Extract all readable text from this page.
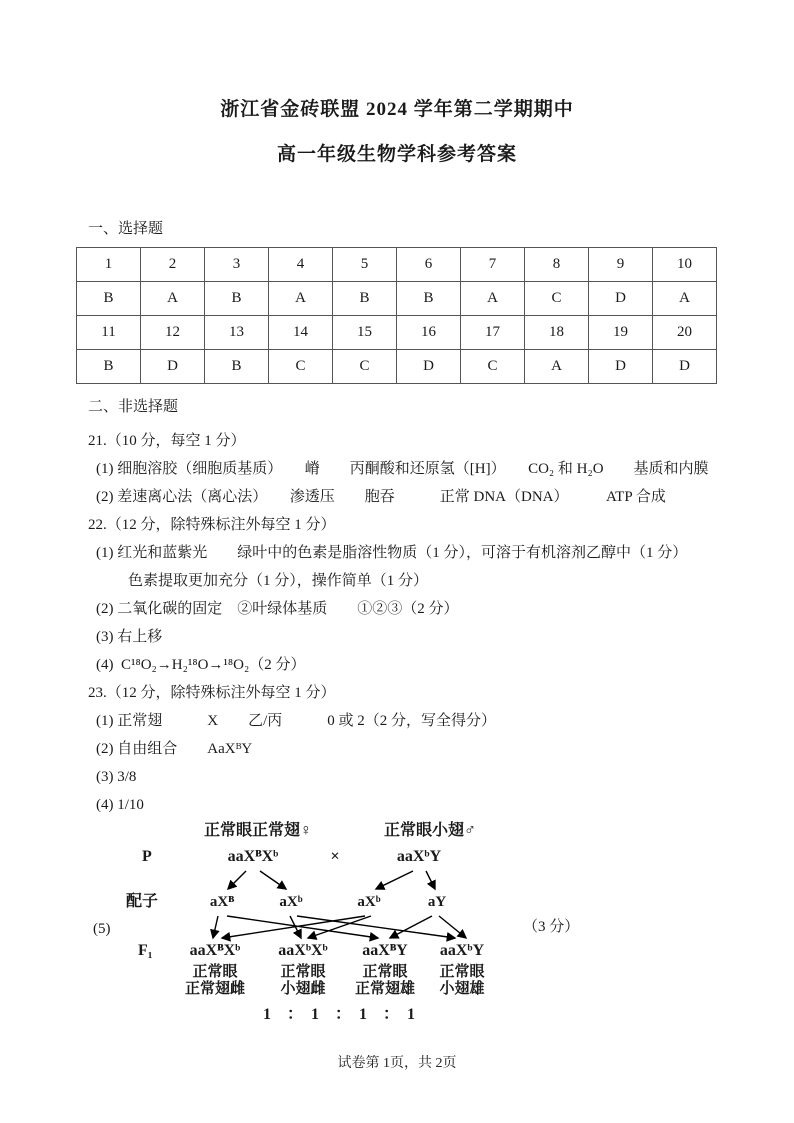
浙江省金砖联盟 2024 学年第二学期期中
高一年级生物学科参考答案
一、选择题
1	2	3	4	5	6	7	8	9	10
B	A	B	A	B	B	A	C	D	A
11	12	13	14	15	16	17	18	19	20
B	D	B	C	C	D	C	A	D	D
二、非选择题
21.（10 分，每空 1 分）
(1) 细胞溶胶（细胞质基质）　　嵴　　丙酮酸和还原氢（[H]）　　CO₂ 和 H₂O　　基质和内膜
(2) 差速离心法（离心法）　　渗透压　　胞吞　　　正常 DNA（DNA）　　　ATP 合成
22.（12 分，除特殊标注外每空 1 分）
(1) 红光和蓝紫光　　绿叶中的色素是脂溶性物质（1 分），可溶于有机溶剂乙醇中（1 分）
色素提取更加充分（1 分），操作简单（1 分）
(2) 二氧化碳的固定　②叶绿体基质　　①②③（2 分）
(3) 右上移
(4)  C¹⁸O₂→H₂¹⁸O→¹⁸O₂（2 分）
23.（12 分，除特殊标注外每空 1 分）
(1) 正常翅　　　X　　乙/丙　　　0 或 2（2 分，写全得分）
(2) 自由组合　　AaXᴮY
(3) 3/8
(4) 1/10
(5)	（3 分）
正常眼正常翅♀	正常眼小翅♂
P	aaXᴮXᵇ	×	aaXᵇY
配子	aXᴮ	aXᵇ	aXᵇ	aY
F₁ aaXᴮXᵇ aaXᵇXᵇ aaXᴮY aaXᵇY
正常眼	正常眼 正常眼 正常眼
正常翅雌 小翅雌 正常翅雄 小翅雄
1　：　1　：　1　：　1
试卷第 1页，共 2页
